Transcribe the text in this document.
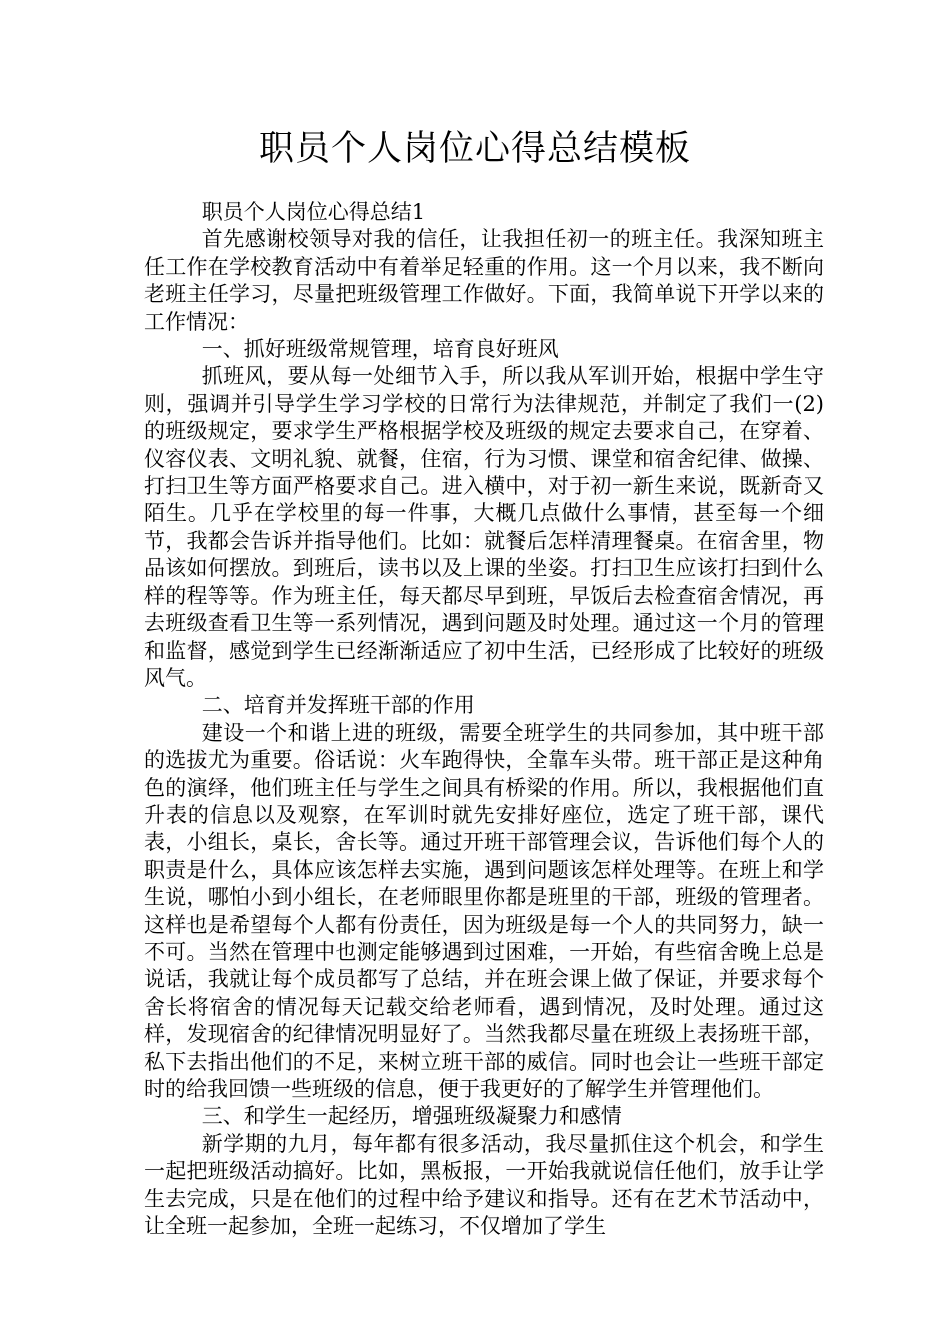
职员个人岗位心得总结模板

职员个人岗位心得总结1

首先感谢校领导对我的信任，让我担任初一的班主任。我深知班主任工作在学校教育活动中有着举足轻重的作用。这一个月以来，我不断向老班主任学习，尽量把班级管理工作做好。下面，我简单说下开学以来的工作情况：

一、抓好班级常规管理，培育良好班风

抓班风，要从每一处细节入手，所以我从军训开始，根据中学生守则，强调并引导学生学习学校的日常行为法律规范，并制定了我们一(2)的班级规定，要求学生严格根据学校及班级的规定去要求自己，在穿着、仪容仪表、文明礼貌、就餐，住宿，行为习惯、课堂和宿舍纪律、做操、打扫卫生等方面严格要求自己。进入横中，对于初一新生来说，既新奇又陌生。几乎在学校里的每一件事，大概几点做什么事情，甚至每一个细节，我都会告诉并指导他们。比如：就餐后怎样清理餐桌。在宿舍里，物品该如何摆放。到班后，读书以及上课的坐姿。打扫卫生应该打扫到什么样的程等等。作为班主任，每天都尽早到班，早饭后去检查宿舍情况，再去班级查看卫生等一系列情况，遇到问题及时处理。通过这一个月的管理和监督，感觉到学生已经渐渐适应了初中生活，已经形成了比较好的班级风气。

二、培育并发挥班干部的作用

建设一个和谐上进的班级，需要全班学生的共同参加，其中班干部的选拔尤为重要。俗话说：火车跑得快，全靠车头带。班干部正是这种角色的演绎，他们班主任与学生之间具有桥梁的作用。所以，我根据他们直升表的信息以及观察，在军训时就先安排好座位，选定了班干部，课代表，小组长，桌长，舍长等。通过开班干部管理会议，告诉他们每个人的职责是什么，具体应该怎样去实施，遇到问题该怎样处理等。在班上和学生说，哪怕小到小组长，在老师眼里你都是班里的干部，班级的管理者。这样也是希望每个人都有份责任，因为班级是每一个人的共同努力，缺一不可。当然在管理中也测定能够遇到过困难，一开始，有些宿舍晚上总是说话，我就让每个成员都写了总结，并在班会课上做了保证，并要求每个舍长将宿舍的情况每天记载交给老师看，遇到情况，及时处理。通过这样，发现宿舍的纪律情况明显好了。当然我都尽量在班级上表扬班干部，私下去指出他们的不足，来树立班干部的威信。同时也会让一些班干部定时的给我回馈一些班级的信息，便于我更好的了解学生并管理他们。

三、和学生一起经历，增强班级凝聚力和感情

新学期的九月，每年都有很多活动，我尽量抓住这个机会，和学生一起把班级活动搞好。比如，黑板报，一开始我就说信任他们，放手让学生去完成，只是在他们的过程中给予建议和指导。还有在艺术节活动中，让全班一起参加，全班一起练习，不仅增加了学生
